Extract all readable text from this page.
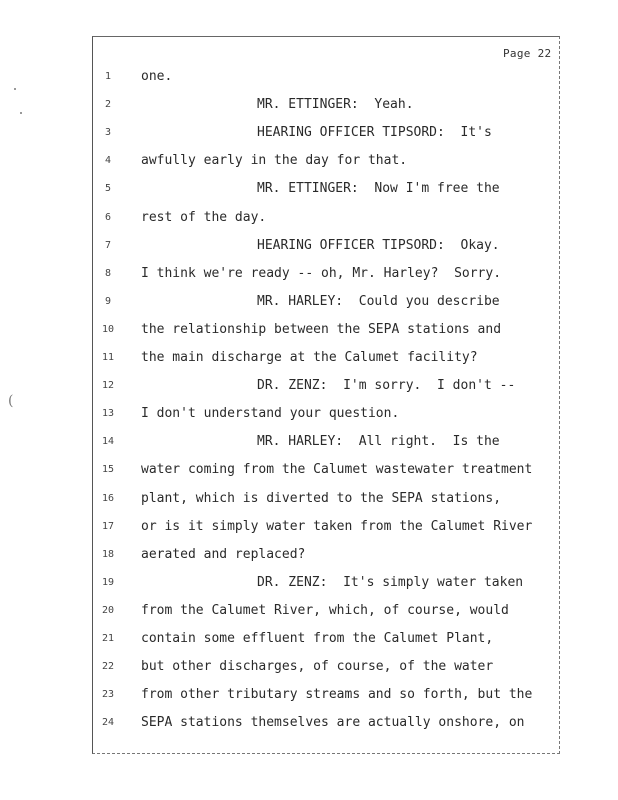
Page 22
(
1	one.
2	MR. ETTINGER:  Yeah.
3	HEARING OFFICER TIPSORD:  It's
4	awfully early in the day for that.
5	MR. ETTINGER:  Now I'm free the
6	rest of the day.
7	HEARING OFFICER TIPSORD:  Okay.
8	I think we're ready -- oh, Mr. Harley?  Sorry.
9	MR. HARLEY:  Could you describe
10	the relationship between the SEPA stations and
11	the main discharge at the Calumet facility?
12	DR. ZENZ:  I'm sorry.  I don't --
13	I don't understand your question.
14	MR. HARLEY:  All right.  Is the
15	water coming from the Calumet wastewater treatment
16	plant, which is diverted to the SEPA stations,
17	or is it simply water taken from the Calumet River
18	aerated and replaced?
19	DR. ZENZ:  It's simply water taken
20	from the Calumet River, which, of course, would
21	contain some effluent from the Calumet Plant,
22	but other discharges, of course, of the water
23	from other tributary streams and so forth, but the
24	SEPA stations themselves are actually onshore, on
